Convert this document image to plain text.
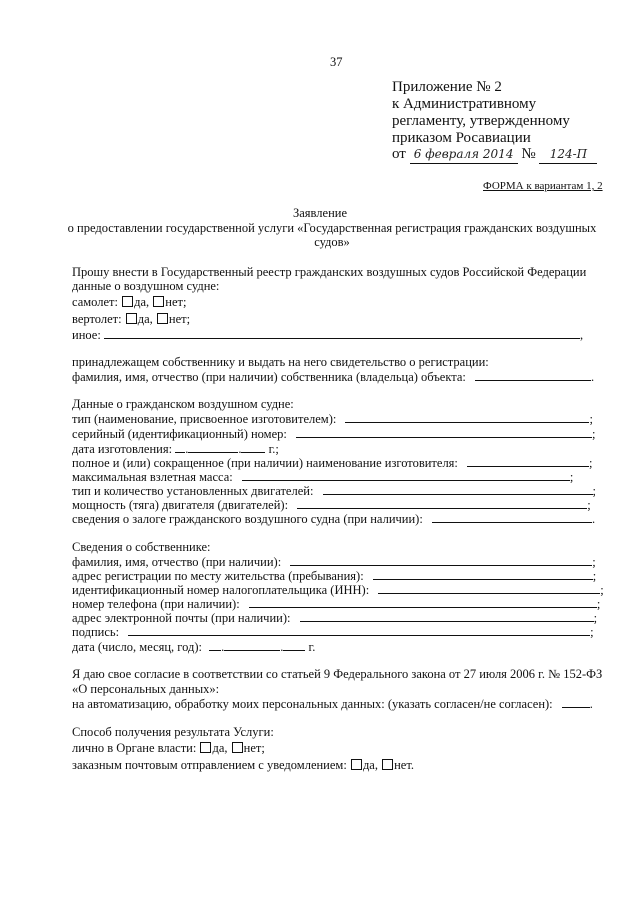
37
Приложение № 2
к Административному
регламенту, утвержденному
приказом Росавиации
от 6 февраля 2014 № 124-П
ФОРМА к вариантам 1, 2
Заявление
о предоставлении государственной услуги «Государственная регистрация гражданских воздушных
судов»
Прошу внести в Государственный реестр гражданских воздушных судов Российской Федерации
данные о воздушном судне:
самолет: да, нет;
вертолет: да, нет;
иное:	,
принадлежащем собственнику и выдать на него свидетельство о регистрации:
фамилия, имя, отчество (при наличии) собственника (владельца) объекта:	.
Данные о гражданском воздушном судне:
тип (наименование, присвоенное изготовителем):	;
серийный (идентификационный) номер:	;
дата изготовления: .	. г.;
полное и (или) сокращенное (при наличии) наименование изготовителя:	;
максимальная взлетная масса:	;
тип и количество установленных двигателей:	;
мощность (тяга) двигателя (двигателей):	;
сведения о залоге гражданского воздушного судна (при наличии):	.
Сведения о собственнике:
фамилия, имя, отчество (при наличии):	;
адрес регистрации по месту жительства (пребывания):	;
идентификационный номер налогоплательщика (ИНН):	;
номер телефона (при наличии):	;
адрес электронной почты (при наличии):	;
подпись:	;
дата (число, месяц, год): .	. г.
Я даю свое согласие в соответствии со статьей 9 Федерального закона от 27 июля 2006 г. № 152-ФЗ
«О персональных данных»:
на автоматизацию, обработку моих персональных данных: (указать согласен/не согласен):	.
Способ получения результата Услуги:
лично в Органе власти: да, нет;
заказным почтовым отправлением с уведомлением: да, нет.
